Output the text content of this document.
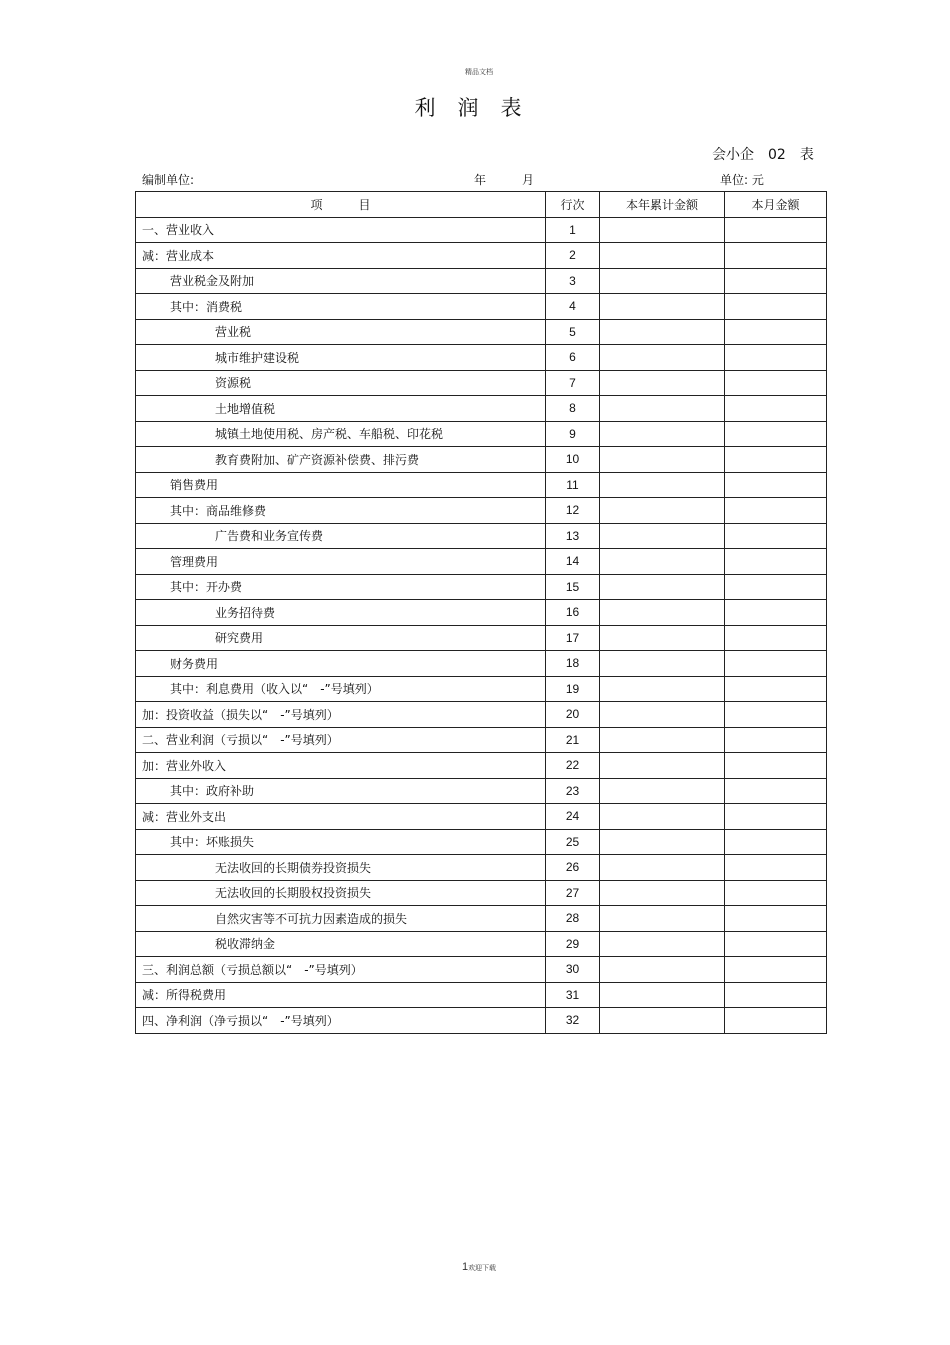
精品文档
利润表
会小企　02　表
编制单位:	年　　　月	单位: 元
项　　　目	行次	本年累计金额	本月金额
一、营业收入	1		
减：营业成本	2		
营业税金及附加	3		
其中：消费税	4		
营业税	5		
城市维护建设税	6		
资源税	7		
土地增值税	8		
城镇土地使用税、房产税、车船税、印花税	9		
教育费附加、矿产资源补偿费、排污费	10		
销售费用	11		
其中：商品维修费	12		
广告费和业务宣传费	13		
管理费用	14		
其中：开办费	15		
业务招待费	16		
研究费用	17		
财务费用	18		
其中：利息费用（收入以“　-”号填列）	19		
加：投资收益（损失以“　-”号填列）	20		
二、营业利润（亏损以“　-”号填列）	21		
加：营业外收入	22		
其中：政府补助	23		
减：营业外支出	24		
其中：坏账损失	25		
无法收回的长期债券投资损失	26		
无法收回的长期股权投资损失	27		
自然灾害等不可抗力因素造成的损失	28		
税收滞纳金	29		
三、利润总额（亏损总额以“　-”号填列）	30		
减：所得税费用	31		
四、净利润（净亏损以“　-”号填列）	32		
1欢迎下载
